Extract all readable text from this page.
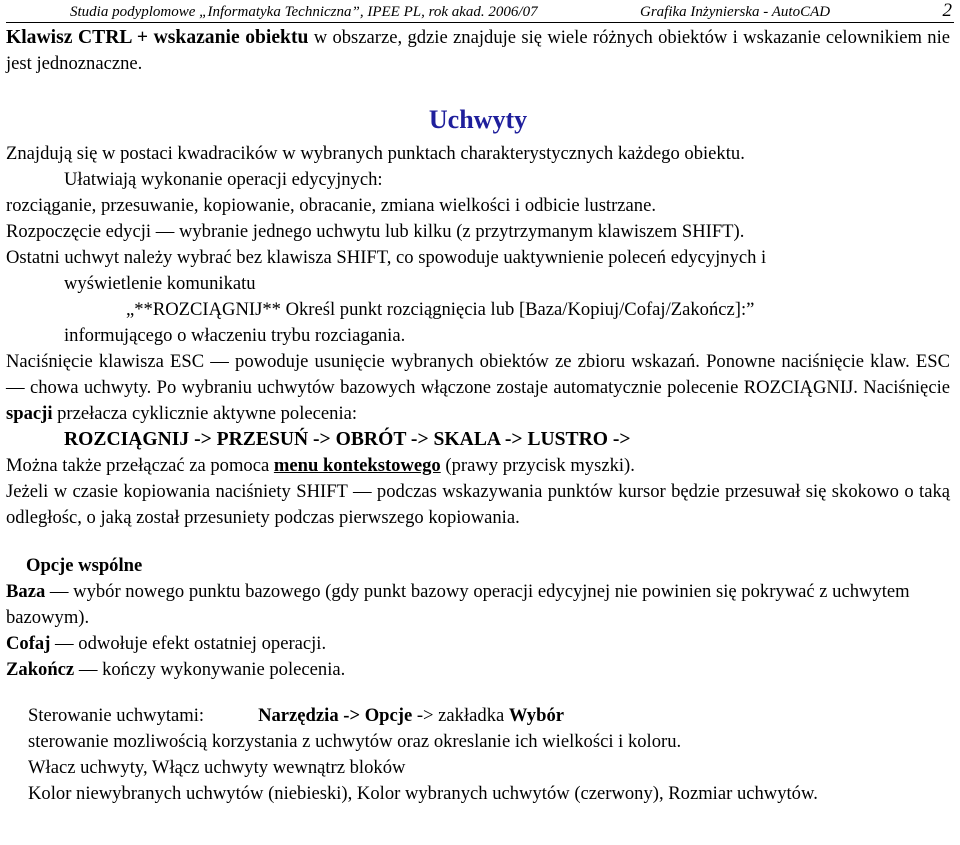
Studia podyplomowe „Informatyka Techniczna”, IPEE PL, rok akad. 2006/07	Grafika Inżynierska - AutoCAD	2

Klawisz CTRL + wskazanie obiektu w obszarze, gdzie znajduje się wiele różnych obiektów i wskazanie celownikiem nie jest jednoznaczne.

Uchwyty

Znajdują się w postaci kwadracików w wybranych punktach charakterystycznych każdego obiektu.

Ułatwiają wykonanie operacji edycyjnych:

rozciąganie, przesuwanie, kopiowanie, obracanie, zmiana wielkości i odbicie lustrzane.

Rozpoczęcie edycji — wybranie jednego uchwytu lub kilku (z przytrzymanym klawiszem SHIFT).

Ostatni uchwyt należy wybrać bez klawisza SHIFT, co spowoduje uaktywnienie poleceń edycyjnych i

wyświetlenie komunikatu

„**ROZCIĄGNIJ** Określ punkt rozciągnięcia lub [Baza/Kopiuj/Cofaj/Zakończ]:”

informującego o właczeniu trybu rozciagania.

Naciśnięcie klawisza ESC — powoduje usunięcie wybranych obiektów ze zbioru wskazań. Ponowne naciśnięcie klaw. ESC — chowa uchwyty. Po wybraniu uchwytów bazowych włączone zostaje automatycznie polecenie ROZCIĄGNIJ. Naciśnięcie spacji przełacza cyklicznie aktywne polecenia:

ROZCIĄGNIJ -> PRZESUŃ -> OBRÓT -> SKALA -> LUSTRO ->

Można także przełączać za pomoca menu kontekstowego (prawy przycisk myszki).

Jeżeli w czasie kopiowania naciśniety SHIFT — podczas wskazywania punktów kursor będzie przesuwał się skokowo o taką odległośc, o jaką został przesuniety podczas pierwszego kopiowania.

Opcje wspólne

Baza — wybór nowego punktu bazowego (gdy punkt bazowy operacji edycyjnej nie powinien się pokrywać z uchwytem bazowym).

Cofaj — odwołuje efekt ostatniej operacji.

Zakończ — kończy wykonywanie polecenia.

Sterowanie uchwytami:	Narzędzia -> Opcje -> zakładka Wybór

sterowanie mozliwością korzystania z uchwytów oraz okreslanie ich wielkości i koloru.

Włacz uchwyty, Włącz uchwyty wewnątrz bloków

Kolor niewybranych uchwytów (niebieski), Kolor wybranych uchwytów (czerwony), Rozmiar uchwytów.
